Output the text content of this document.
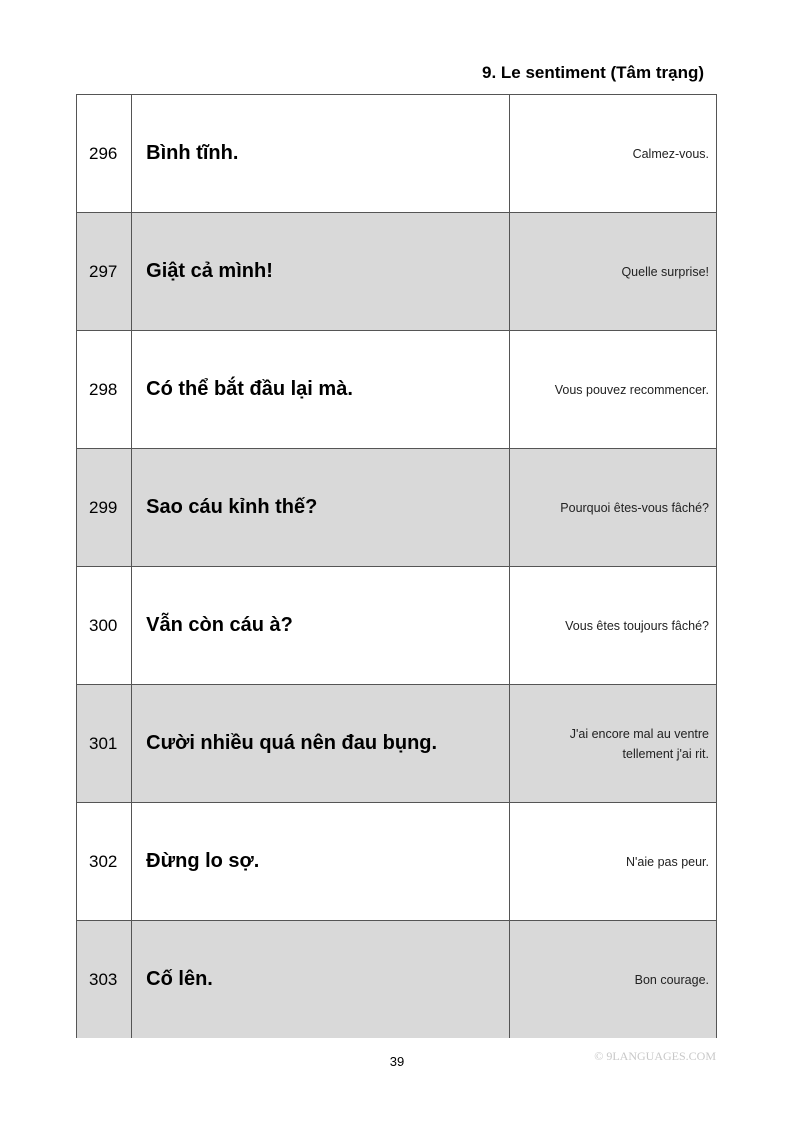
9. Le sentiment (Tâm trạng)
296	Bình tĩnh.	Calmez-vous.
297	Giật cả mình!	Quelle surprise!
298	Có thể bắt đầu lại mà.	Vous pouvez recommencer.
299	Sao cáu kỉnh thế?	Pourquoi êtes-vous fâché?
300	Vẫn còn cáu à?	Vous êtes toujours fâché?
301	Cười nhiều quá nên đau bụng.	J'ai encore mal au ventre tellement j'ai rit.

302	Đừng lo sợ.	N'aie pas peur.
303	Cố lên.	Bon courage.
39	© 9LANGUAGES.COM
